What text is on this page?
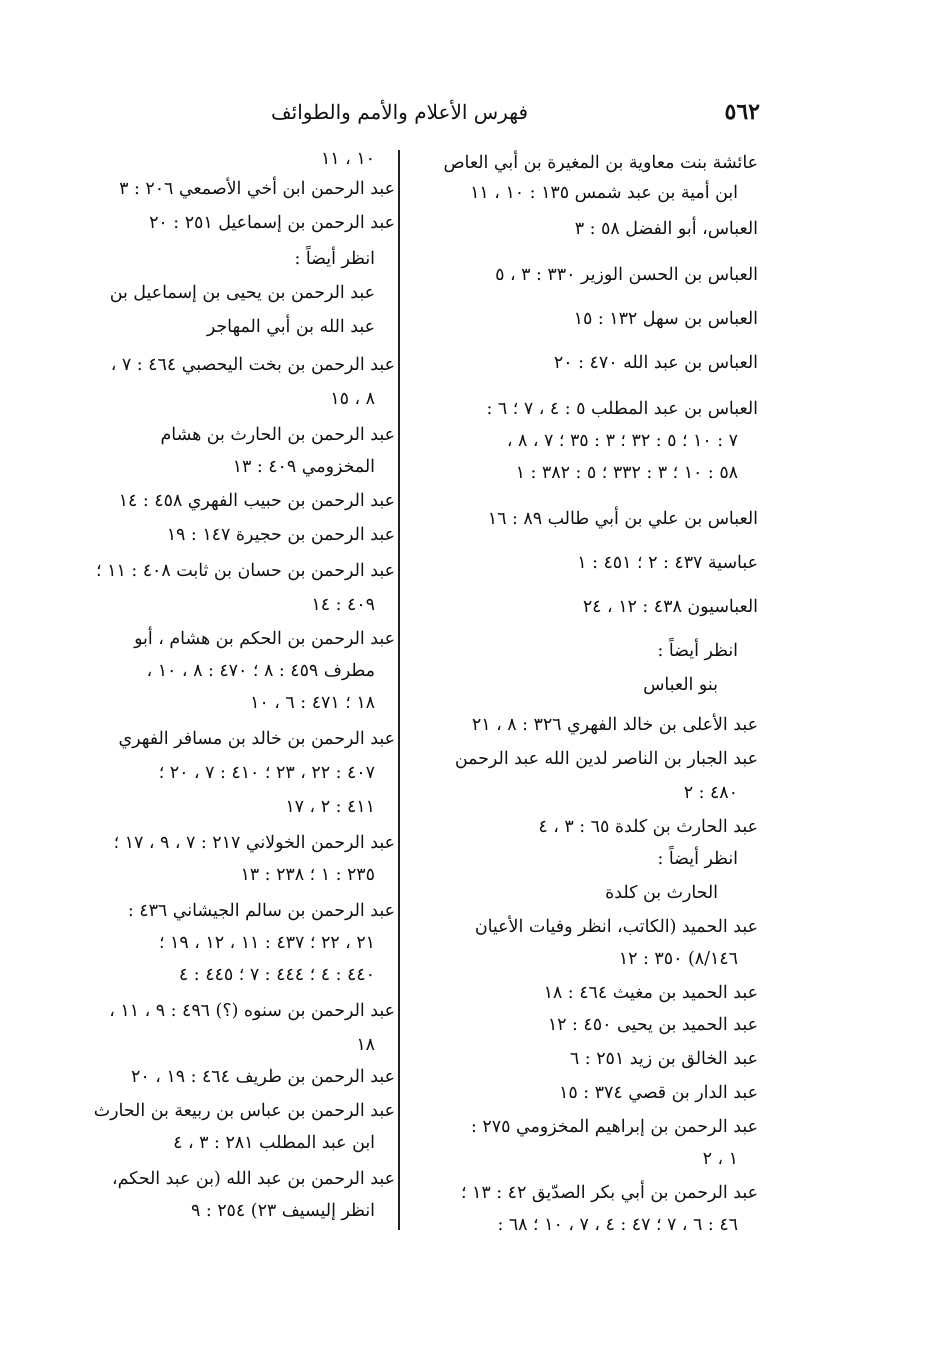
٥٦٢
فهرس الأعلام والأمم والطوائف
عائشة بنت معاوية بن المغيرة بن أبي العاص
ابن أمية بن عبد شمس ١٣٥ : ١٠ ، ١١
العباس، أبو الفضل ٥٨ : ٣
العباس بن الحسن الوزير ٣٣٠ : ٣ ، ٥
العباس بن سهل ١٣٢ : ١٥
العباس بن عبد الله ٤٧٠ : ٢٠
العباس بن عبد المطلب ٥ : ٤ ، ٧ ؛ ٦ :
٧ : ١٠ ؛ ٥ : ٣٢ ؛ ٣ : ٣٥ ؛ ٧ ، ٨ ،
٥٨ : ١٠ ؛ ٣ : ٣٣٢ ؛ ٥ : ٣٨٢ : ١
العباس بن علي بن أبي طالب ٨٩ : ١٦
عباسية ٤٣٧ : ٢ ؛ ٤٥١ : ١
العباسيون ٤٣٨ : ١٢ ، ٢٤
انظر أيضاً :
بنو العباس
عبد الأعلى بن خالد الفهري ٣٢٦ : ٨ ، ٢١
عبد الجبار بن الناصر لدين الله عبد الرحمن
٤٨٠ : ٢
عبد الحارث بن كلدة ٦٥ : ٣ ، ٤
انظر أيضاً :
الحارث بن كلدة
عبد الحميد (الكاتب، انظر وفيات الأعيان
٨/١٤٦) ٣٥٠ : ١٢
عبد الحميد بن مغيث ٤٦٤ : ١٨
عبد الحميد بن يحيى ٤٥٠ : ١٢
عبد الخالق بن زيد ٢٥١ : ٦
عبد الدار بن قصي ٣٧٤ : ١٥
عبد الرحمن بن إبراهيم المخزومي ٢٧٥ :
١ ، ٢
عبد الرحمن بن أبي بكر الصدّيق ٤٢ : ١٣ ؛
٤٦ : ٦ ، ٧ ؛ ٤٧ : ٤ ، ٧ ، ١٠ ؛ ٦٨ :
١٠ ، ١١
عبد الرحمن ابن أخي الأصمعي ٢٠٦ : ٣
عبد الرحمن بن إسماعيل ٢٥١ : ٢٠
انظر أيضاً :
عبد الرحمن بن يحيى بن إسماعيل بن
عبد الله بن أبي المهاجر
عبد الرحمن بن بخت اليحصبي ٤٦٤ : ٧ ،
٨ ، ١٥
عبد الرحمن بن الحارث بن هشام
المخزومي ٤٠٩ : ١٣
عبد الرحمن بن حبيب الفهري ٤٥٨ : ١٤
عبد الرحمن بن حجيرة ١٤٧ : ١٩
عبد الرحمن بن حسان بن ثابت ٤٠٨ : ١١ ؛
٤٠٩ : ١٤
عبد الرحمن بن الحكم بن هشام ، أبو
مطرف ٤٥٩ : ٨ ؛ ٤٧٠ : ٨ ، ١٠ ،
١٨ ؛ ٤٧١ : ٦ ، ١٠
عبد الرحمن بن خالد بن مسافر الفهري
٤٠٧ : ٢٢ ، ٢٣ ؛ ٤١٠ : ٧ ، ٢٠ ؛
٤١١ : ٢ ، ١٧
عبد الرحمن الخولاني ٢١٧ : ٧ ، ٩ ، ١٧ ؛
٢٣٥ : ١ ؛ ٢٣٨ : ١٣
عبد الرحمن بن سالم الجيشاني ٤٣٦ :
٢١ ، ٢٢ ؛ ٤٣٧ : ١١ ، ١٢ ، ١٩ ؛
٤٤٠ : ٤ ؛ ٤٤٤ : ٧ ؛ ٤٤٥ : ٤
عبد الرحمن بن سنوه (؟) ٤٩٦ : ٩ ، ١١ ،
١٨
عبد الرحمن بن طريف ٤٦٤ : ١٩ ، ٢٠
عبد الرحمن بن عباس بن ربيعة بن الحارث
ابن عبد المطلب ٢٨١ : ٣ ، ٤
عبد الرحمن بن عبد الله (بن عبد الحكم،
انظر إليسيف ٢٣) ٢٥٤ : ٩
